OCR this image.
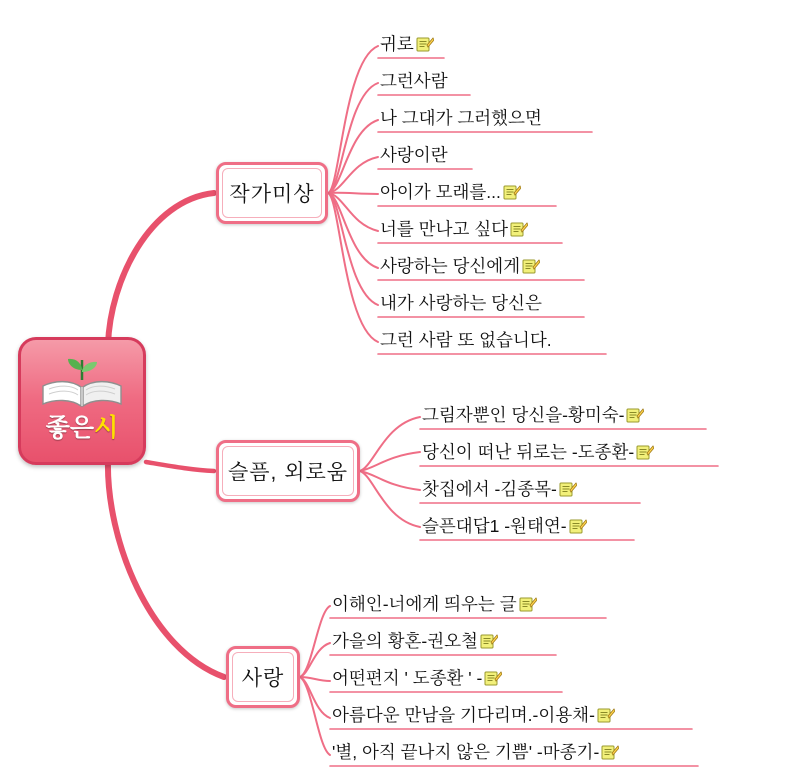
좋은시
작가미상
슬픔, 외로움
사랑
귀로
그런사람
나 그대가 그러했으면
사랑이란
아이가 모래를...
너를 만나고 싶다
사랑하는 당신에게
내가 사랑하는 당신은
그런 사람 또 없습니다.
그림자뿐인 당신을-황미숙-
당신이 떠난 뒤로는 -도종환-
찻집에서 -김종목-
슬픈대답1 -원태연-
이해인-너에게 띄우는 글
가을의 황혼-권오철
어떤편지 ' 도종환 ' -
아름다운 만남을 기다리며.-이용채-
'별, 아직 끝나지 않은 기쁨' -마종기-
